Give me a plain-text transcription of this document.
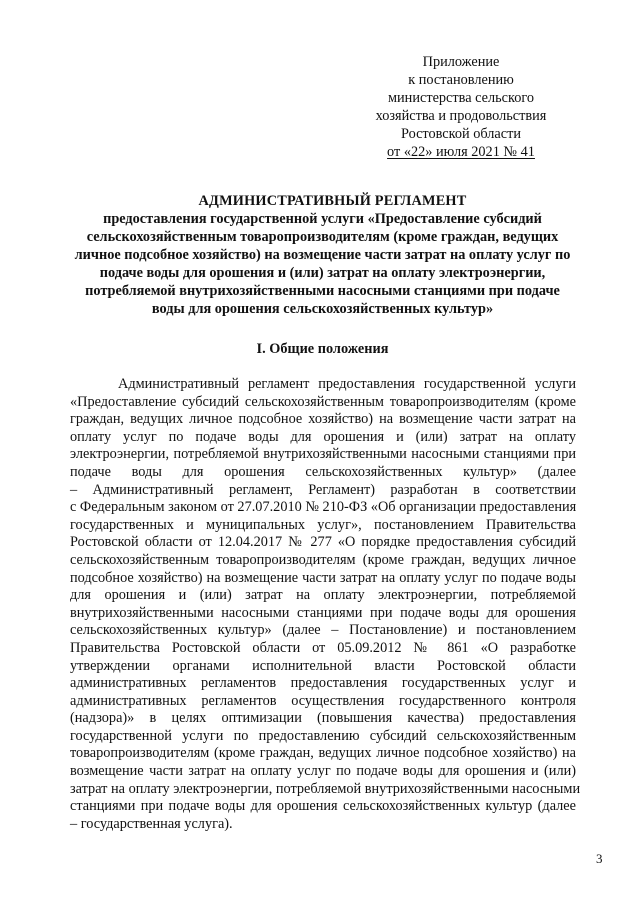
Приложение
к постановлению
министерства сельского
хозяйства и продовольствия
Ростовской области
от «22» июля 2021 № 41
АДМИНИСТРАТИВНЫЙ РЕГЛАМЕНТ
предоставления государственной услуги «Предоставление субсидий
сельскохозяйственным товаропроизводителям (кроме граждан, ведущих
личное подсобное хозяйство) на возмещение части затрат на оплату услуг по
подаче воды для орошения и (или) затрат на оплату электроэнергии,
потребляемой внутрихозяйственными насосными станциями при подаче
воды для орошения сельскохозяйственных культур»
I. Общие положения
Административный регламент предоставления государственной услуги
«Предоставление субсидий сельскохозяйственным товаропроизводителям (кроме
граждан, ведущих личное подсобное хозяйство) на возмещение части затрат на
оплату услуг по подаче воды для орошения и (или) затрат на оплату
электроэнергии, потребляемой внутрихозяйственными насосными станциями при
подаче воды для орошения сельскохозяйственных культур» (далее
– Административный регламент, Регламент) разработан в соответствии
с Федеральным законом от 27.07.2010 № 210-ФЗ «Об организации предоставления
государственных и муниципальных услуг», постановлением Правительства
Ростовской области от 12.04.2017 № 277 «О порядке предоставления субсидий
сельскохозяйственным товаропроизводителям (кроме граждан, ведущих личное
подсобное хозяйство) на возмещение части затрат на оплату услуг по подаче воды
для орошения и (или) затрат на оплату электроэнергии, потребляемой
внутрихозяйственными насосными станциями при подаче воды для орошения
сельскохозяйственных культур» (далее – Постановление) и постановлением
Правительства Ростовской области от 05.09.2012 № 861 «О разработке
утверждении органами исполнительной власти Ростовской области
административных регламентов предоставления государственных услуг и
административных регламентов осуществления государственного контроля
(надзора)» в целях оптимизации (повышения качества) предоставления
государственной услуги по предоставлению субсидий сельскохозяйственным
товаропроизводителям (кроме граждан, ведущих личное подсобное хозяйство) на
возмещение части затрат на оплату услуг по подаче воды для орошения и (или)
затрат на оплату электроэнергии, потребляемой внутрихозяйственными насосными
станциями при подаче воды для орошения сельскохозяйственных культур (далее
– государственная услуга).
3
